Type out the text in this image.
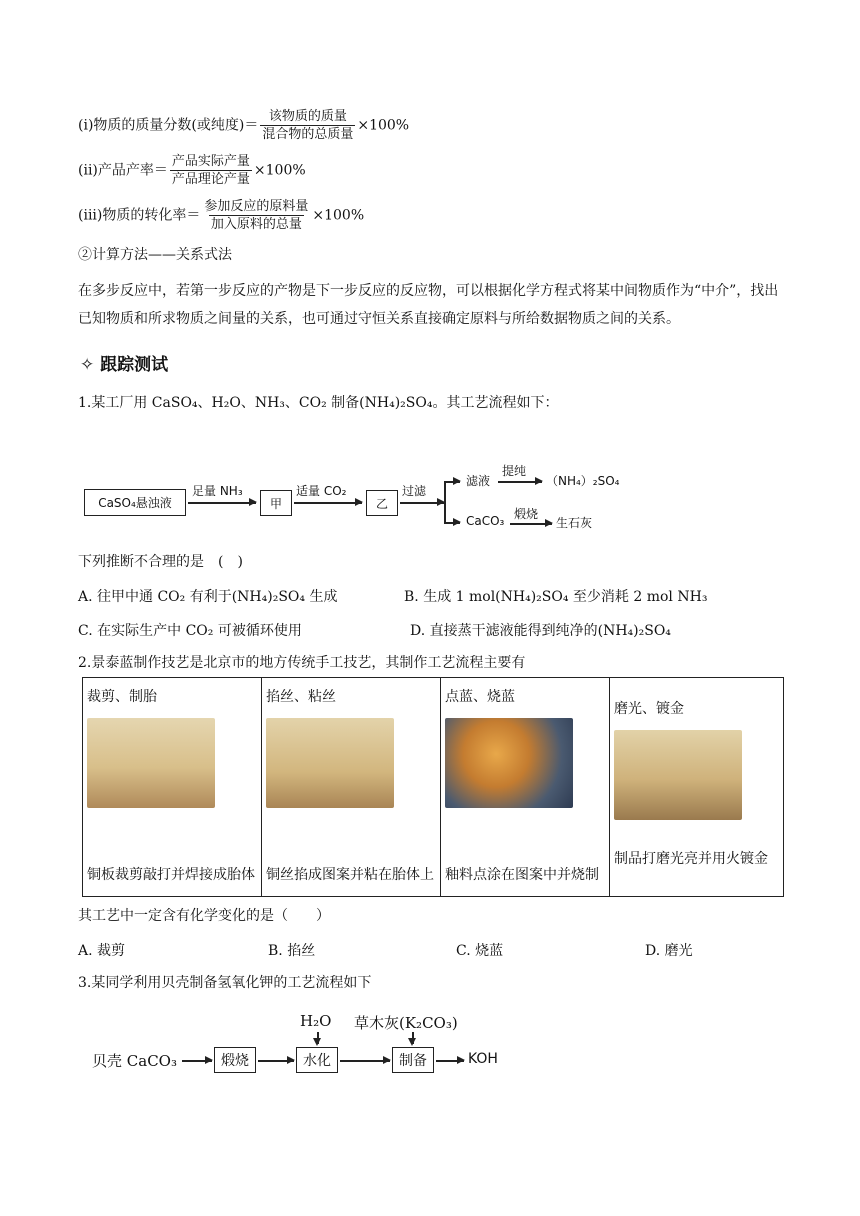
(i)物质的质量分数(或纯度)＝ $\frac{\text{该物质的质量}}{\text{混合物的总质量}} \times 100\%$
(ii)产品产率＝ $\frac{\text{产品实际产量}}{\text{产品理论产量}} \times 100\%$
(iii)物质的转化率＝ $\frac{\text{参加反应的原料量}}{\text{加入原料的总量}} \times 100\%$
②计算方法——关系式法
在多步反应中，若第一步反应的产物是下一步反应的反应物，可以根据化学方程式将某中间物质作为“中介”，找出已知物质和所求物质之间量的关系，也可通过守恒关系直接确定原料与所给数据物质之间的关系。
✧ 跟踪测试
1.某工厂用 CaSO₄、H₂O、NH₃、CO₂ 制备(NH₄)₂SO₄。其工艺流程如下：
CaSO₄悬浊液
足量 NH₃
甲
适量 CO₂
乙
过滤
滤液
提纯
（NH₄）₂SO₄
CaCO₃ 煅烧
生石灰
下列推断不合理的是　(　)
A. 往甲中通 CO₂ 有利于(NH₄)₂SO₄ 生成	B. 生成 1 mol(NH₄)₂SO₄ 至少消耗 2 mol NH₃
C. 在实际生产中 CO₂ 可被循环使用	D. 直接蒸干滤液能得到纯净的(NH₄)₂SO₄
2.景泰蓝制作技艺是北京市的地方传统手工技艺，其制作工艺流程主要有
裁剪、制胎
铜板裁剪敲打并焊接成胎体

掐丝、粘丝
铜丝掐成图案并粘在胎体上

点蓝、烧蓝
釉料点涂在图案中并烧制

磨光、镀金
制品打磨光亮并用火镀金
其工艺中一定含有化学变化的是（　　）
A. 裁剪	B. 掐丝	C. 烧蓝	D. 磨光
3.某同学利用贝壳制备氢氧化钾的工艺流程如下
贝壳 CaCO₃	煅烧
H₂O
水化
草木灰(K₂CO₃)
制备	KOH
